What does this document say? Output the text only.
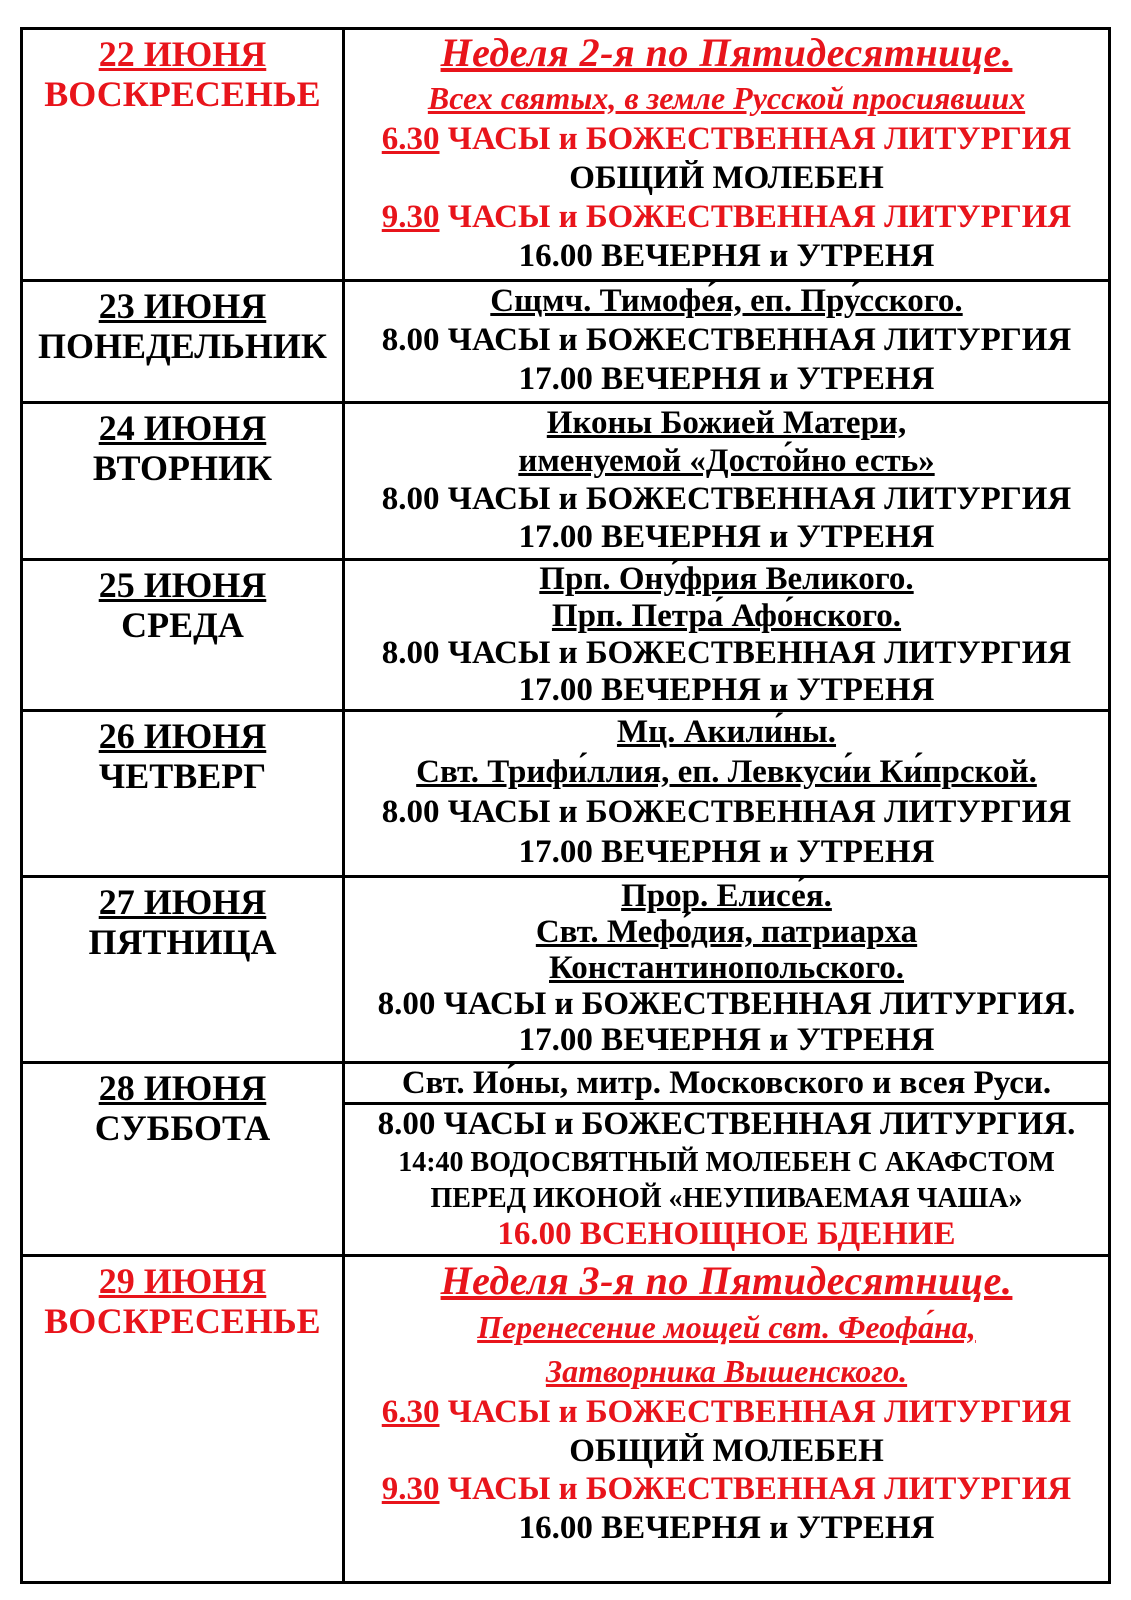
22 ИЮНЯ
ВОСКРЕСЕНЬЕ
Неделя 2-я по Пятидесятнице.
Всех святых, в земле Русской просиявших
6.30 ЧАСЫ и БОЖЕСТВЕННАЯ ЛИТУРГИЯ
ОБЩИЙ МОЛЕБЕН
9.30 ЧАСЫ и БОЖЕСТВЕННАЯ ЛИТУРГИЯ
16.00 ВЕЧЕРНЯ и УТРЕНЯ
23 ИЮНЯ
ПОНЕДЕЛЬНИК
Сщмч. Тимофе́я, еп. Пру́сского.
8.00 ЧАСЫ и БОЖЕСТВЕННАЯ ЛИТУРГИЯ
17.00 ВЕЧЕРНЯ и УТРЕНЯ
24 ИЮНЯ
ВТОРНИК
Иконы Божией Матери,
именуемой «Досто́йно есть»
8.00 ЧАСЫ и БОЖЕСТВЕННАЯ ЛИТУРГИЯ
17.00 ВЕЧЕРНЯ и УТРЕНЯ
25 ИЮНЯ
СРЕДА
Прп. Ону́фрия Великого.
Прп. Петра́ Афо́нского.
8.00 ЧАСЫ и БОЖЕСТВЕННАЯ ЛИТУРГИЯ
17.00 ВЕЧЕРНЯ и УТРЕНЯ
26 ИЮНЯ
ЧЕТВЕРГ
Мц. Акили́ны.
Свт. Трифи́ллия, еп. Левкуси́и Ки́прской.
8.00 ЧАСЫ и БОЖЕСТВЕННАЯ ЛИТУРГИЯ
17.00 ВЕЧЕРНЯ и УТРЕНЯ
27 ИЮНЯ
ПЯТНИЦА
Прор. Елисе́я.
Свт. Мефо́дия, патриарха
Константинопольского.
8.00 ЧАСЫ и БОЖЕСТВЕННАЯ ЛИТУРГИЯ.
17.00 ВЕЧЕРНЯ и УТРЕНЯ
28 ИЮНЯ
СУББОТА
Свт. Ио́ны, митр. Московского и всея Руси.
8.00 ЧАСЫ и БОЖЕСТВЕННАЯ ЛИТУРГИЯ.
14:40 ВОДОСВЯТНЫЙ МОЛЕБЕН С АКАФСТОМ
ПЕРЕД ИКОНОЙ «НЕУПИВАЕМАЯ ЧАША»
16.00 ВСЕНОЩНОЕ БДЕНИЕ
29 ИЮНЯ
ВОСКРЕСЕНЬЕ
Неделя 3-я по Пятидесятнице.
Перенесение мощей свт. Феофа́на,
Затворника Вышенского.
6.30 ЧАСЫ и БОЖЕСТВЕННАЯ ЛИТУРГИЯ
ОБЩИЙ МОЛЕБЕН
9.30 ЧАСЫ и БОЖЕСТВЕННАЯ ЛИТУРГИЯ
16.00 ВЕЧЕРНЯ и УТРЕНЯ
